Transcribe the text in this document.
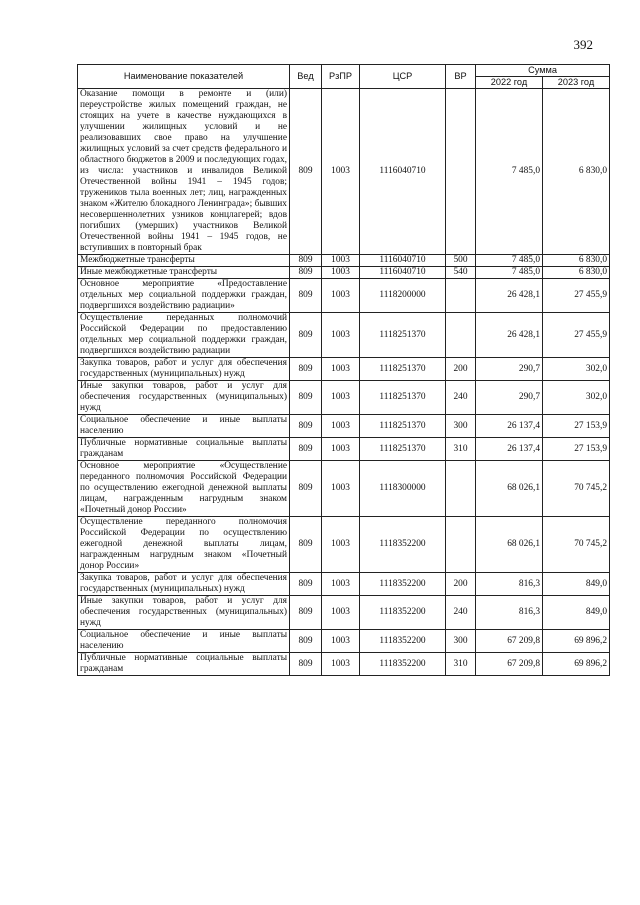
392
Наименование показателей	Вед	РзПР	ЦСР	ВР	Сумма	
					2022 год	2023 год
Оказание помощи в ремонте и (или) переустройстве жилых помещений граждан, не стоящих на учете в качестве нуждающихся в улучшении жилищных условий и не реализовавших свое право на улучшение жилищных условий за счет средств федерального и областного бюджетов в 2009 и последующих годах, из числа: участников и инвалидов Великой Отечественной войны 1941 – 1945 годов; тружеников тыла военных лет; лиц, награжденных знаком «Жителю блокадного Ленинграда»; бывших несовершеннолетних узников концлагерей; вдов погибших (умерших) участников Великой Отечественной войны 1941 – 1945 годов, не вступивших в повторный брак	809	1003	1116040710		7 485,0	6 830,0
Межбюджетные трансферты	809	1003	1116040710	500	7 485,0	6 830,0
Иные межбюджетные трансферты	809	1003	1116040710	540	7 485,0	6 830,0
Основное мероприятие «Предоставление отдельных мер социальной поддержки граждан, подвергшихся воздействию радиации»	809	1003	1118200000		26 428,1	27 455,9
Осуществление переданных полномочий Российской Федерации по предоставлению отдельных мер социальной поддержки граждан, подвергшихся воздействию радиации	809	1003	1118251370		26 428,1	27 455,9
Закупка товаров, работ и услуг для обеспечения государственных (муниципальных) нужд	809	1003	1118251370	200	290,7	302,0
Иные закупки товаров, работ и услуг для обеспечения государственных (муниципальных) нужд	809	1003	1118251370	240	290,7	302,0
Социальное обеспечение и иные выплаты населению	809	1003	1118251370	300	26 137,4	27 153,9
Публичные нормативные социальные выплаты гражданам	809	1003	1118251370	310	26 137,4	27 153,9
Основное мероприятие «Осуществление переданного полномочия Российской Федерации по осуществлению ежегодной денежной выплаты лицам, награжденным нагрудным знаком «Почетный донор России»	809	1003	1118300000		68 026,1	70 745,2
Осуществление переданного полномочия Российской Федерации по осуществлению ежегодной денежной выплаты лицам, награжденным нагрудным знаком «Почетный донор России»	809	1003	1118352200		68 026,1	70 745,2
Закупка товаров, работ и услуг для обеспечения государственных (муниципальных) нужд	809	1003	1118352200	200	816,3	849,0
Иные закупки товаров, работ и услуг для обеспечения государственных (муниципальных) нужд	809	1003	1118352200	240	816,3	849,0
Социальное обеспечение и иные выплаты населению	809	1003	1118352200	300	67 209,8	69 896,2
Публичные нормативные социальные выплаты гражданам	809	1003	1118352200	310	67 209,8	69 896,2
